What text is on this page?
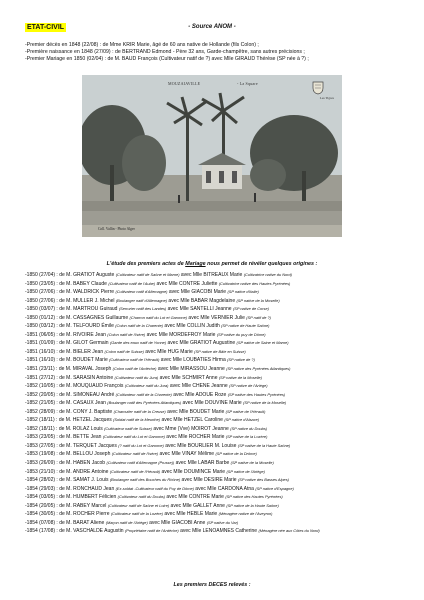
ETAT-CIVIL	- Source ANOM -
-Premier décès en 1848 (22/08) : de Mme KRIR Marie, âgé de 60 ans native de Hollande (fils Colon) ;
-Première naissance en 1848 (27/09) : de BERTRAND Edmond - Père 32 ans, Garde-champêtre, sans autres précisions ;
-Premier Mariage en 1850 (02/04) : de M. BAUD François (Cultivateur natif de ?) avec Mlle GIRAUD Thérèse (SP née à ?) ;
MOUZAIAVILLE	- La Square
Coll. Vallin - Photo Alger
Les Tigres
L'étude des premiers actes de Mariage nous permet de révéler quelques origines :
-1850 (27/04) : de M. GRATIOT Auguste (Cultivateur natif de Saône et Marne) avec Mlle BITREAUX Marie (Cultivatrice native du Nord)
-1850 (23/05) : de M. BABEY Claude (Cultivateur natif de l'Aube) avec Mlle CONTRE Juliette (Cultivatrice native des Hautes Pyrénées)
-1850 (27/06) : de M. WALDRICK Pierre (Cultivateur natif d'Allemagne) avec Mlle GIACOBI Marie (SP native d'Italie)
-1850 (27/06) : de M. MULLER J. Michel (Boulanger natif d'Allemagne) avec Mlle BABAR Magdelaine (SP native de la Moselle)
-1850 (03/07) : de M. MARTROU Guiraud (Serrurier natif des Landes) avec Mlle SANTELLI Jeanne (SP native de Corse)
-1850 (01/12) : de M. CASSAGNES Guillaume (Charron natif du Lot et Garonne) avec Mlle VERNIER Julie (SP natif de ?)
-1850 (03/12) : de M. TELFOURD Émile (Colon natif de la Charente) avec Mlle COLLIN Judith (SP native de Haute Saône)
-1851 (06/05) : de M. RIVOIRE Jean (Colon natif de l'Isère) avec Mlle MORDEFROY Marie (SP native du puy de Dôme)
-1851 (01/09) : de M. GILOT Germain (Garde des eaux natif de Yonne) avec Mlle GRATIOT Augustine (SP native de Saine et Marne)
-1851 (16/10) : de M. BIELER Jean (Colon natif de Suisse) avec Mlle HUG Marie (SP native de Bâle en Suisse)
-1851 (16/10) : de M. BOUDET Marie (Cultivateur natif de l'Hérault) avec Mlle LOUBATIES Hirma (SP native de ?)
-1851 (23/11) : de M. MIRAVAL Joseph (Colon natif de l'Ardèche) avec Mlle MIRASSOU Jeanne (SP native des Pyrénées Atlantiques)
-1851 (27/12) : de M. SARASIN Antoine (Cultivateur natif du Jura) avec Mlle SCHMIRT Anne (SP native de la Moselle)
-1852 (10/05) : de M. MOUQUAUD François (Cultivateur natif du Jura) avec Mlle CHENE Jeanne (SP native de l'Ariège)
-1852 (20/05) : de M. SIMONEAU André (Cultivateur natif de la Charente) avec Mlle ADOUE Roze (SP native des Hautes Pyrénées)
-1852 (21/05) : de M. CASAUX Jean (Boulanger natif des Pyrénées Atlantiques) avec Mlle DOUVINE Marie (SP native de la Moselle)
-1852 (28/09) : de M. CONY J. Baptiste (Charcutier natif de la Creuse) avec Mlle BOUDET Marie (SP native de l'Hérault)
-1852 (18/11) : de M. HETZEL Jacques (Soldat natif de la Meurthe) avec Mlle HETZEL Caroline (SP native d'Alsace)
-1852 (18/11) : de M. ROLAZ Louis (Cultivateur natif de Suisse) avec Mme (Vve) MOIROT Jeanne (SP native du Doubs)
-1853 (23/05) : de M. BETTE Jean (Cultivateur natif du Lot et Garonne) avec Mlle ROCHER Marie (SP native de la Lozère)
-1853 (27/05) : de M. TERQUET Jacques (? natif du Lot et Garonne) avec Mlle BOURLIER M. Louise (SP native de la Haute Saône)
-1853 (19/08) : de M. BELLOU Joseph (Cultivateur natif de l'Isère) avec Mlle VINAY Mélime (SP native de la Drôme)
-1853 (26/09) : de M. HABEN Jacob (Cultivateur natif d'Allemagne (Prusse)) avec Mlle LABAR Barbe (SP native de la Moselle)
-1853 (21/10) : de M. ANDRE Antoine (Cultivateur natif de l'Hérault) avec Mlle DOUMINCE Marie (SP native de l'Ariège)
-1854 (28/02) : de M. SAMAT J. Louis (Boulanger natif des Bouches du Rhône) avec Mlle DESIRE Marie (SP native des Basses Alpes)
-1854 (29/03) : de M. RONCHAUD Jean (Ex-soldat -Cultivateur natif du Puy de Dôme) avec Mlle CARDONA Atna (SP native d'Espagne)
-1854 (03/05) : de M. HUMBERT Félicien (Cultivateur natif du Doubs) avec Mlle CONTRE Marie (SP native des Hautes Pyrénées)
-1854 (20/05) : de M. RABEY Marcel (Cultivateur natif de Saône et Loire) avec Mlle GALLET Anne (SP native de la Haute Saône)
-1854 (30/05) : de M. ROCHER Pierre (Cultivateur natif de la Lozère) avec Mlle HEBLE Marie (Ménagère native de l'Aveyron)
-1854 (07/08) : de M. BARAT Aliene (Maçon natif de l'Ariège) avec Mlle GIACOBI Anne (SP native du Var)
-1854 (17/08) : de M. VASCHALDE Augustin (Propriétaire natif de l'Ardèche) avec Mlle LENOAMNES Catherine (Ménagère née aux Côtes du Nord)
Les premiers DECES relevés :
